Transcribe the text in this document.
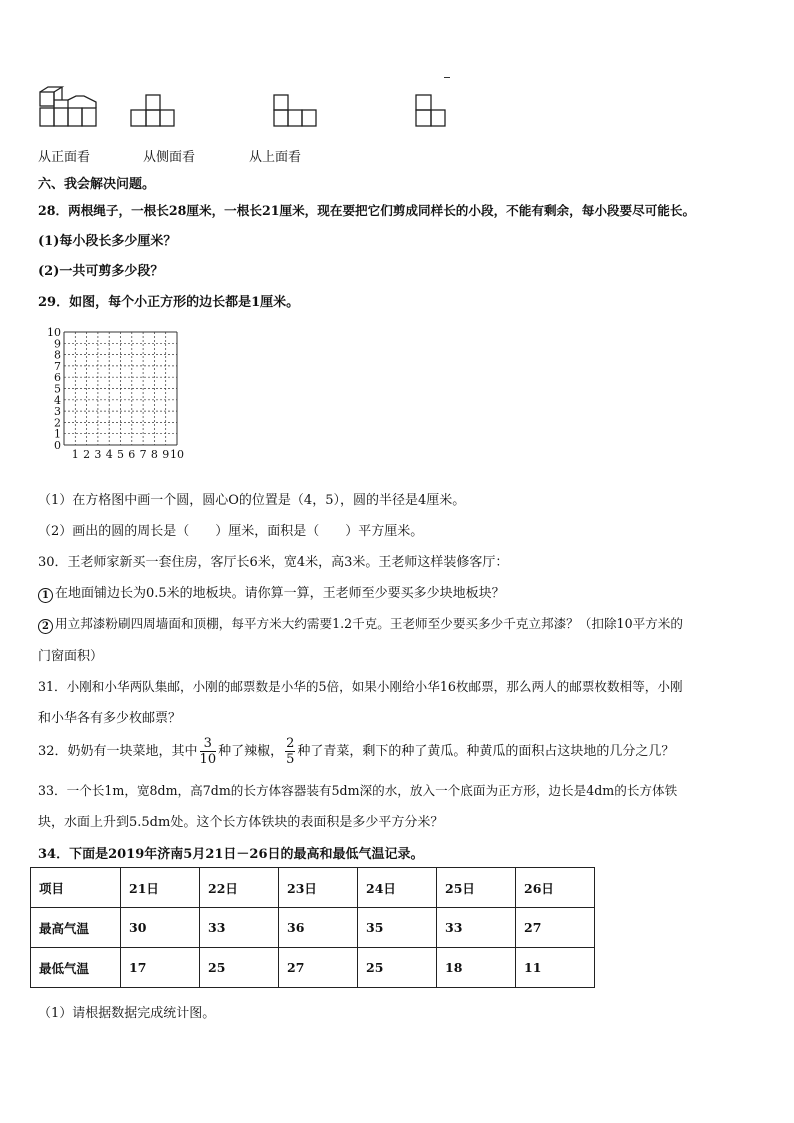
从正面看	从侧面看	从上面看
六、我会解决问题。
28．两根绳子，一根长28厘米，一根长21厘米，现在要把它们剪成同样长的小段，不能有剩余，每小段要尽可能长。
(1)每小段长多少厘米？
(2)一共可剪多少段？
29．如图，每个小正方形的边长都是1厘米。
10
9
8
7
6
5
4
3
2
1
0
1 2 3 4 5 6 7 8 9 10
（1）在方格图中画一个圆，圆心O的位置是（4，5），圆的半径是4厘米。
（2）画出的圆的周长是（　　）厘米，面积是（　　）平方厘米。
30．王老师家新买一套住房，客厅长6米，宽4米，高3米。王老师这样装修客厅：
1 在地面铺边长为0.5米的地板块。请你算一算，王老师至少要买多少块地板块？
2 用立邦漆粉刷四周墙面和顶棚，每平方米大约需要1.2千克。王老师至少要买多少千克立邦漆？（扣除10平方米的
门窗面积）
31．小刚和小华两队集邮，小刚的邮票数是小华的5倍，如果小刚给小华16枚邮票，那么两人的邮票枚数相等，小刚
和小华各有多少枚邮票？
32．奶奶有一块菜地，其中 $\frac{3}{10}$ 种了辣椒， $\frac{2}{5}$ 种了青菜，剩下的种了黄瓜。种黄瓜的面积占这块地的几分之几？
33．一个长1m，宽8dm，高7dm的长方体容器装有5dm深的水，放入一个底面为正方形，边长是4dm的长方体铁
块，水面上升到5.5dm处。这个长方体铁块的表面积是多少平方分米？
34．下面是2019年济南5月21日－26日的最高和最低气温记录。
项目	21日	22日	23日	24日	25日	26日
最高气温	30	33	36	35	33	27
最低气温	17	25	27	25	18	11
（1）请根据数据完成统计图。
